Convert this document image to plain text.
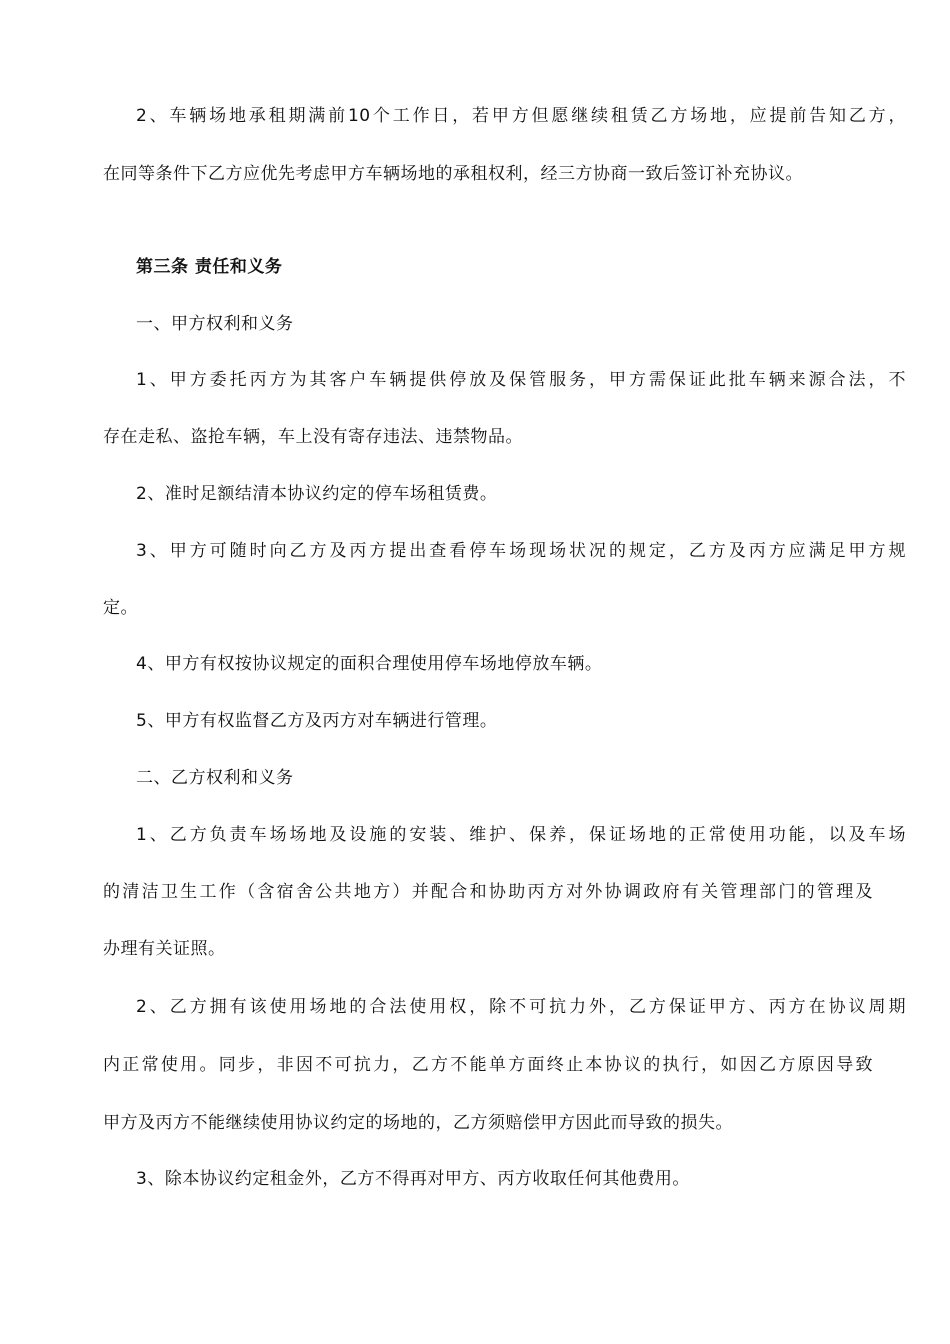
2、车辆场地承租期满前10个工作日，若甲方但愿继续租赁乙方场地，应提前告知乙方，
在同等条件下乙方应优先考虑甲方车辆场地的承租权利，经三方协商一致后签订补充协议。
第三条 责任和义务
一、甲方权利和义务
1、甲方委托丙方为其客户车辆提供停放及保管服务，甲方需保证此批车辆来源合法，不
存在走私、盗抢车辆，车上没有寄存违法、违禁物品。
2、准时足额结清本协议约定的停车场租赁费。
3、甲方可随时向乙方及丙方提出查看停车场现场状况的规定，乙方及丙方应满足甲方规
定。
4、甲方有权按协议规定的面积合理使用停车场地停放车辆。
5、甲方有权监督乙方及丙方对车辆进行管理。
二、乙方权利和义务
1、乙方负责车场场地及设施的安装、维护、保养，保证场地的正常使用功能，以及车场
的清洁卫生工作（含宿舍公共地方）并配合和协助丙方对外协调政府有关管理部门的管理及
办理有关证照。
2、乙方拥有该使用场地的合法使用权，除不可抗力外，乙方保证甲方、丙方在协议周期
内正常使用。同步，非因不可抗力，乙方不能单方面终止本协议的执行，如因乙方原因导致
甲方及丙方不能继续使用协议约定的场地的，乙方须赔偿甲方因此而导致的损失。
3、除本协议约定租金外，乙方不得再对甲方、丙方收取任何其他费用。
